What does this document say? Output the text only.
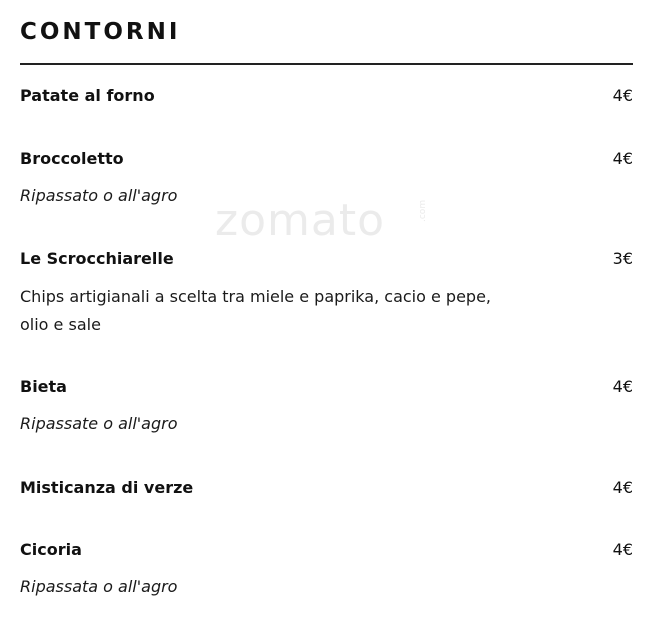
zomato	.com
CONTORNI
Patate al forno	4€
Broccoletto	4€
Ripassato o all'agro
Le Scrocchiarelle	3€
Chips artigianali a scelta tra miele e paprika, cacio e pepe, olio e sale
Bieta	4€
Ripassate o all'agro
Misticanza di verze	4€
Cicoria	4€
Ripassata o all'agro
